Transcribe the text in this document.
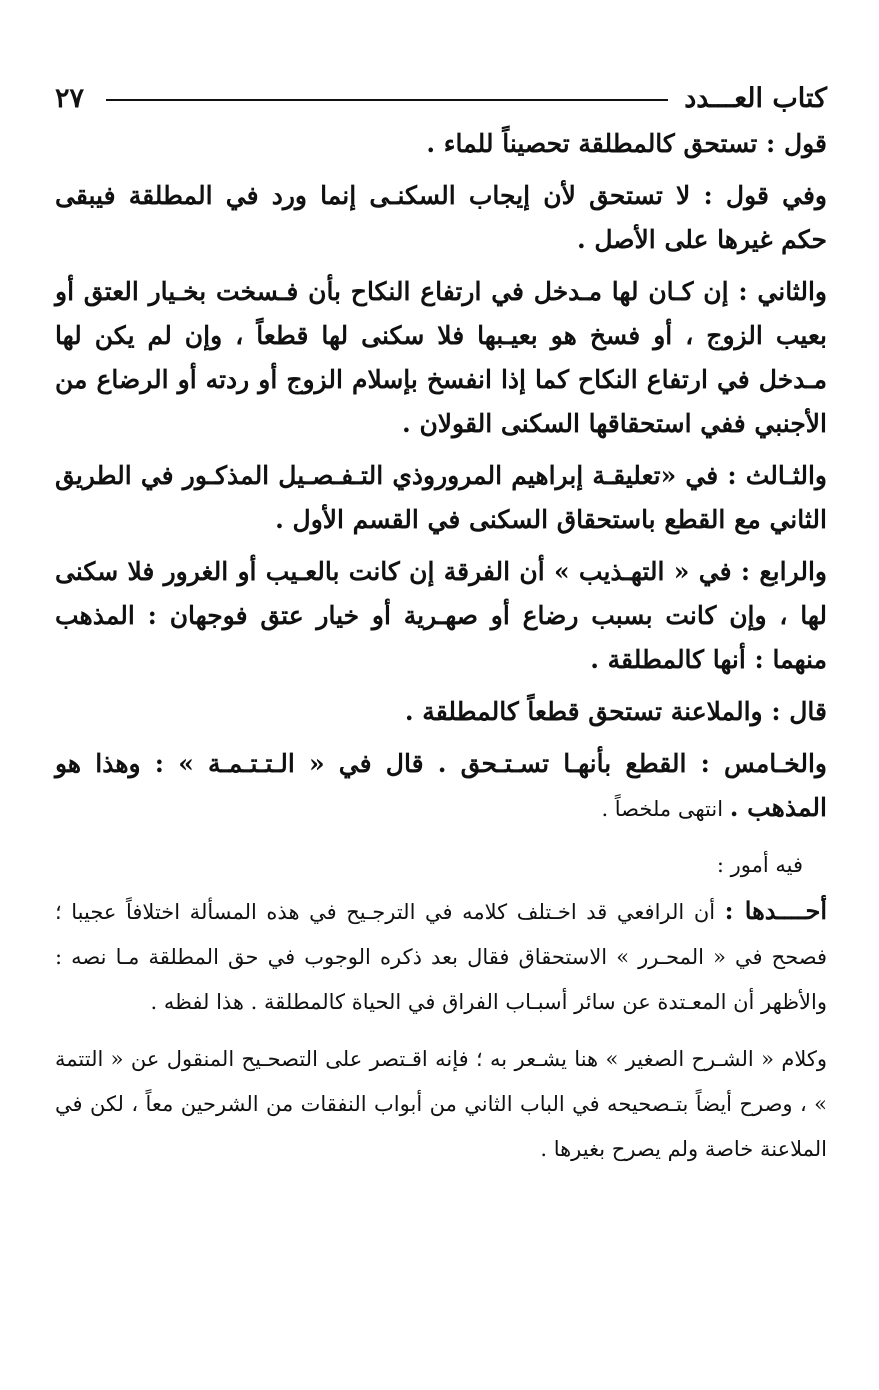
كتاب العـــدد
٢٧

قول : تستحق كالمطلقة تحصيناً للماء .

وفي قول : لا تستحق لأن إيجاب السكنـى إنما ورد في المطلقة فيبقى حكم غيرها على الأصل .

والثاني : إن كـان لها مـدخل في ارتفاع النكاح بأن فـسخت بخـيار العتق أو بعيب الزوج ، أو فسخ هو بعيـبها فلا سكنى لها قطعاً ، وإن لم يكن لها مـدخل في ارتفاع النكاح كما إذا انفسخ بإسلام الزوج أو ردته أو الرضاع من الأجنبي ففي استحقاقها السكنى القولان .

والثـالث : في «تعليقـة إبراهيم المروروذي التـفـصـيل المذكـور في الطريق الثاني مع القطع باستحقاق السكنى في القسم الأول .

والرابع : في « التهـذيب » أن الفرقة إن كانت بالعـيب أو الغرور فلا سكنى لها ، وإن كانت بسبب رضاع أو صهـرية أو خيار عتق فوجهان : المذهب منهما : أنها كالمطلقة .

قال : والملاعنة تستحق قطعاً كالمطلقة .

والخـامس : القطع بأنهـا تسـتـحق . قال في « الـتـتـمـة » : وهذا هو المذهب . انتهى ملخصاً .

فيه أمور :

أحــــدها : أن الرافعي قد اخـتلف كلامه في الترجـيح في هذه المسألة اختلافاً عجيبا ؛ فصحح في « المحـرر » الاستحقاق فقال بعد ذكره الوجوب في حق المطلقة مـا نصه : والأظهر أن المعـتدة عن سائر أسبـاب الفراق في الحياة كالمطلقة . هذا لفظه .

وكلام « الشـرح الصغير » هنا يشـعر به ؛ فإنه اقـتصر على التصحـيح المنقول عن « التتمة » ، وصرح أيضاً بتـصحيحه في الباب الثاني من أبواب النفقات من الشرحين معاً ، لكن في الملاعنة خاصة ولم يصرح بغيرها .
